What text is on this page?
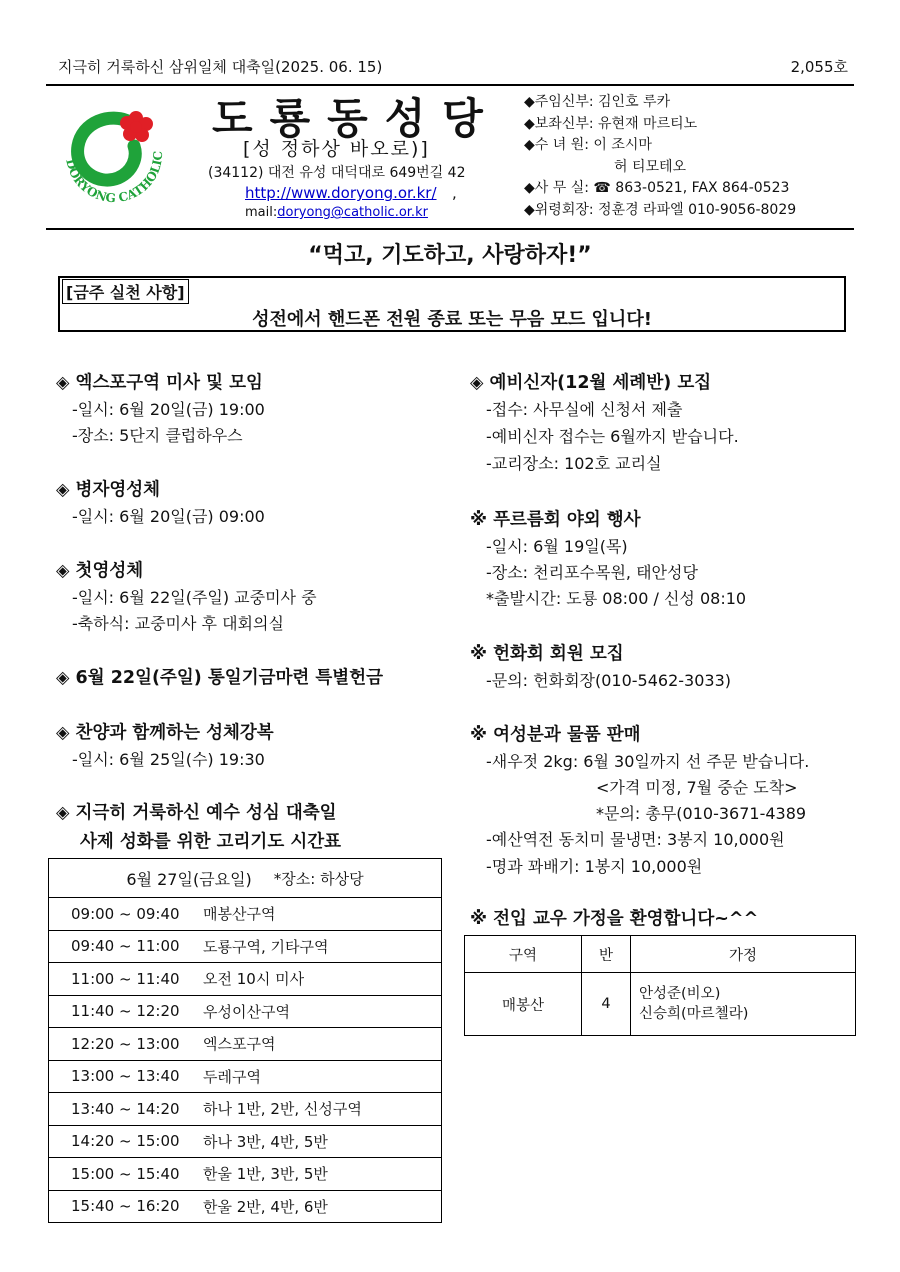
지극히 거룩하신 삼위일체 대축일(2025. 06. 15)	2,055호
DORYONG CATHOLIC
도룡동성당
[성 정하상 바오로)]
(34112) 대전 유성 대덕대로 649번길 42
http://www.doryong.or.kr/ ,
mail:doryong@catholic.or.kr
◆주임신부: 김인호 루카
◆보좌신부: 유현재 마르티노
◆수 녀 원: 이 조시마
허 티모테오
◆사 무 실: ☎ 863-0521, FAX 864-0523
◆위령회장: 정훈경 라파엘 010-9056-8029
“먹고, 기도하고, 사랑하자!”
[금주 실천 사항]
성전에서 핸드폰 전원 종료 또는 무음 모드 입니다!
◈ 엑스포구역 미사 및 모임
-일시: 6월 20일(금) 19:00
-장소: 5단지 클럽하우스
◈ 병자영성체
-일시: 6월 20일(금) 09:00
◈ 첫영성체
-일시: 6월 22일(주일) 교중미사 중
-축하식: 교중미사 후 대회의실
◈ 6월 22일(주일) 통일기금마련 특별헌금
◈ 찬양과 함께하는 성체강복
-일시: 6월 25일(수) 19:30
◈ 지극히 거룩하신 예수 성심 대축일
사제 성화를 위한 고리기도 시간표
6월 27일(금요일) *장소: 하상당
09:00 ~ 09:40	매봉산구역
09:40 ~ 11:00	도룡구역, 기타구역
11:00 ~ 11:40	오전 10시 미사
11:40 ~ 12:20	우성이산구역
12:20 ~ 13:00	엑스포구역
13:00 ~ 13:40	두레구역
13:40 ~ 14:20	하나 1반, 2반, 신성구역
14:20 ~ 15:00	하나 3반, 4반, 5반
15:00 ~ 15:40	한울 1반, 3반, 5반
15:40 ~ 16:20	한울 2반, 4반, 6반
◈ 예비신자(12월 세례반) 모집
-접수: 사무실에 신청서 제출
-예비신자 접수는 6월까지 받습니다.
-교리장소: 102호 교리실
※ 푸르름회 야외 행사
-일시: 6월 19일(목)
-장소: 천리포수목원, 태안성당
*출발시간: 도룡 08:00 / 신성 08:10
※ 헌화회 회원 모집
-문의: 헌화회장(010-5462-3033)
※ 여성분과 물품 판매
-새우젓 2kg: 6월 30일까지 선 주문 받습니다.
<가격 미정, 7월 중순 도착>
*문의: 총무(010-3671-4389
-예산역전 동치미 물냉면: 3봉지 10,000원
-명과 꽈배기: 1봉지 10,000원
※ 전입 교우 가정을 환영합니다~^^
구역	반	가정
매봉산	4	안성준(비오)
신승희(마르첼라)
